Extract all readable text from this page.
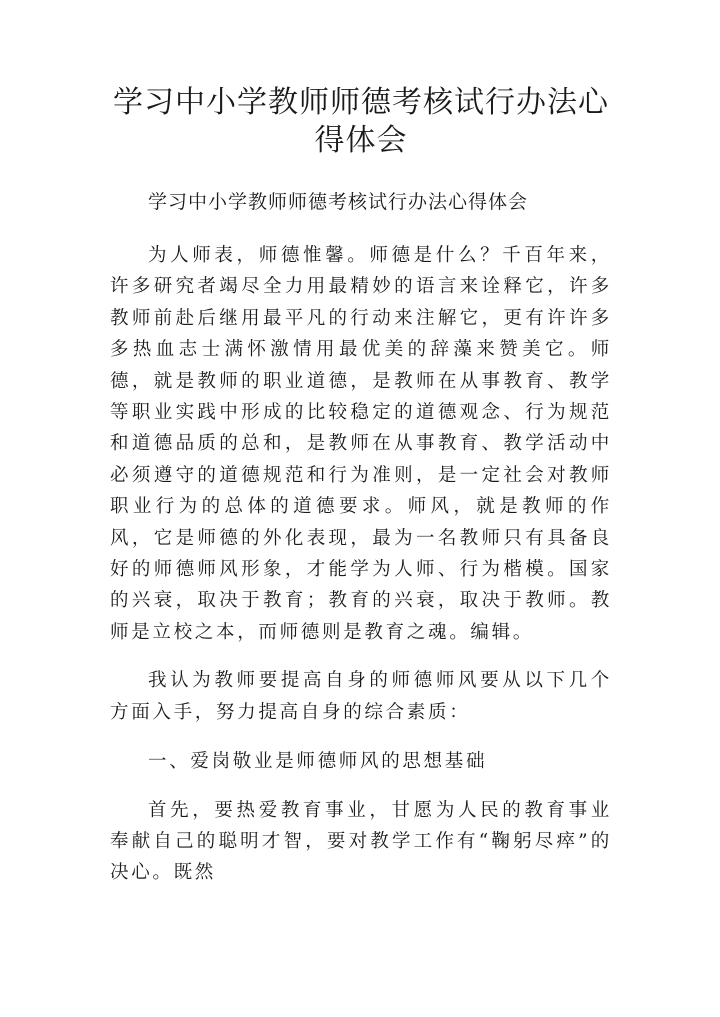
学习中小学教师师德考核试行办法心得体会

学习中小学教师师德考核试行办法心得体会

为人师表，师德惟馨。师德是什么？千百年来，许多研究者竭尽全力用最精妙的语言来诠释它，许多教师前赴后继用最平凡的行动来注解它，更有许许多多热血志士满怀激情用最优美的辞藻来赞美它。师德，就是教师的职业道德，是教师在从事教育、教学等职业实践中形成的比较稳定的道德观念、行为规范和道德品质的总和，是教师在从事教育、教学活动中必须遵守的道德规范和行为准则，是一定社会对教师职业行为的总体的道德要求。师风，就是教师的作风，它是师德的外化表现，最为一名教师只有具备良好的师德师风形象，才能学为人师、行为楷模。国家的兴衰，取决于教育；教育的兴衰，取决于教师。教师是立校之本，而师德则是教育之魂。编辑。

我认为教师要提高自身的师德师风要从以下几个方面入手，努力提高自身的综合素质：

一、爱岗敬业是师德师风的思想基础

首先，要热爱教育事业，甘愿为人民的教育事业奉献自己的聪明才智，要对教学工作有“鞠躬尽瘁”的决心。既然
